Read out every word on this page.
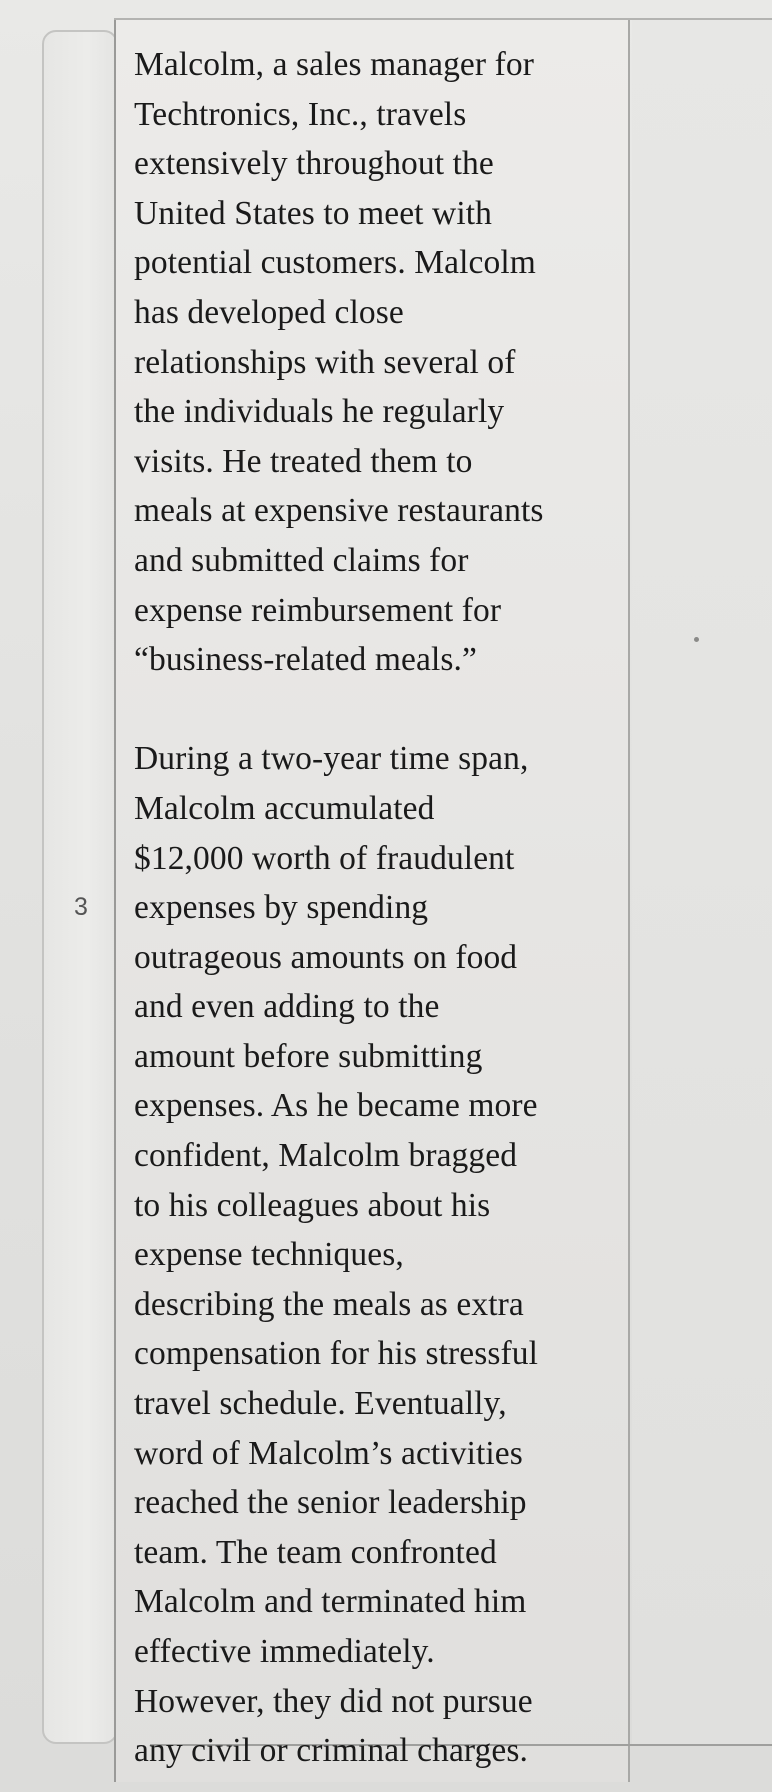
3
Malcolm, a sales manager for
Techtronics, Inc., travels
extensively throughout the
United States to meet with
potential customers. Malcolm
has developed close
relationships with several of
the individuals he regularly
visits. He treated them to
meals at expensive restaurants
and submitted claims for
expense reimbursement for
“business-related meals.”
During a two-year time span,
Malcolm accumulated
$12,000 worth of fraudulent
expenses by spending
outrageous amounts on food
and even adding to the
amount before submitting
expenses. As he became more
confident, Malcolm bragged
to his colleagues about his
expense techniques,
describing the meals as extra
compensation for his stressful
travel schedule. Eventually,
word of Malcolm’s activities
reached the senior leadership
team. The team confronted
Malcolm and terminated him
effective immediately.
However, they did not pursue
any civil or criminal charges.
